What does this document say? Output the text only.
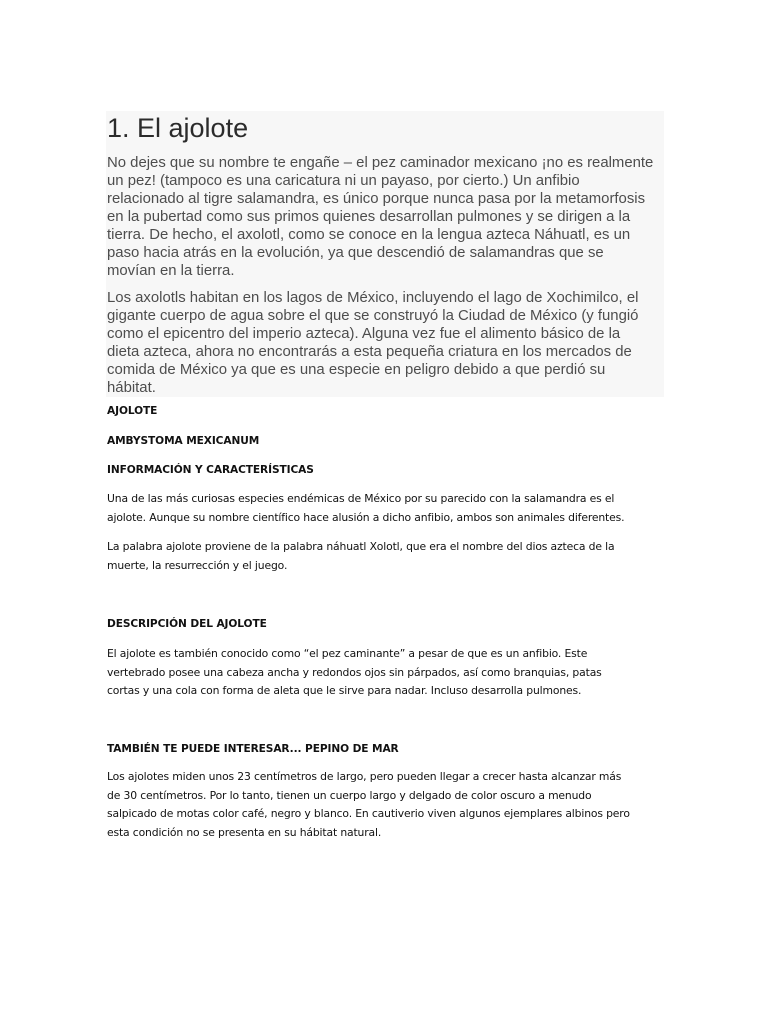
1. El ajolote

No dejes que su nombre te engañe – el pez caminador mexicano ¡no es realmente
un pez! (tampoco es una caricatura ni un payaso, por cierto.) Un anfibio
relacionado al tigre salamandra, es único porque nunca pasa por la metamorfosis
en la pubertad como sus primos quienes desarrollan pulmones y se dirigen a la
tierra. De hecho, el axolotl, como se conoce en la lengua azteca Náhuatl, es un
paso hacia atrás en la evolución, ya que descendió de salamandras que se
movían en la tierra.

Los axolotls habitan en los lagos de México, incluyendo el lago de Xochimilco, el
gigante cuerpo de agua sobre el que se construyó la Ciudad de México (y fungió
como el epicentro del imperio azteca). Alguna vez fue el alimento básico de la
dieta azteca, ahora no encontrarás a esta pequeña criatura en los mercados de
comida de México ya que es una especie en peligro debido a que perdió su
hábitat.

AJOLOTE
AMBYSTOMA MEXICANUM
INFORMACIÓN Y CARACTERÍSTICAS

Una de las más curiosas especies endémicas de México por su parecido con la salamandra es el
ajolote. Aunque su nombre científico hace alusión a dicho anfibio, ambos son animales diferentes.

La palabra ajolote proviene de la palabra náhuatl Xolotl, que era el nombre del dios azteca de la
muerte, la resurrección y el juego.

DESCRIPCIÓN DEL AJOLOTE

El ajolote es también conocido como “el pez caminante” a pesar de que es un anfibio. Este
vertebrado posee una cabeza ancha y redondos ojos sin párpados, así como branquias, patas
cortas y una cola con forma de aleta que le sirve para nadar. Incluso desarrolla pulmones.

TAMBIÉN TE PUEDE INTERESAR... PEPINO DE MAR

Los ajolotes miden unos 23 centímetros de largo, pero pueden llegar a crecer hasta alcanzar más
de 30 centímetros. Por lo tanto, tienen un cuerpo largo y delgado de color oscuro a menudo
salpicado de motas color café, negro y blanco. En cautiverio viven algunos ejemplares albinos pero
esta condición no se presenta en su hábitat natural.
